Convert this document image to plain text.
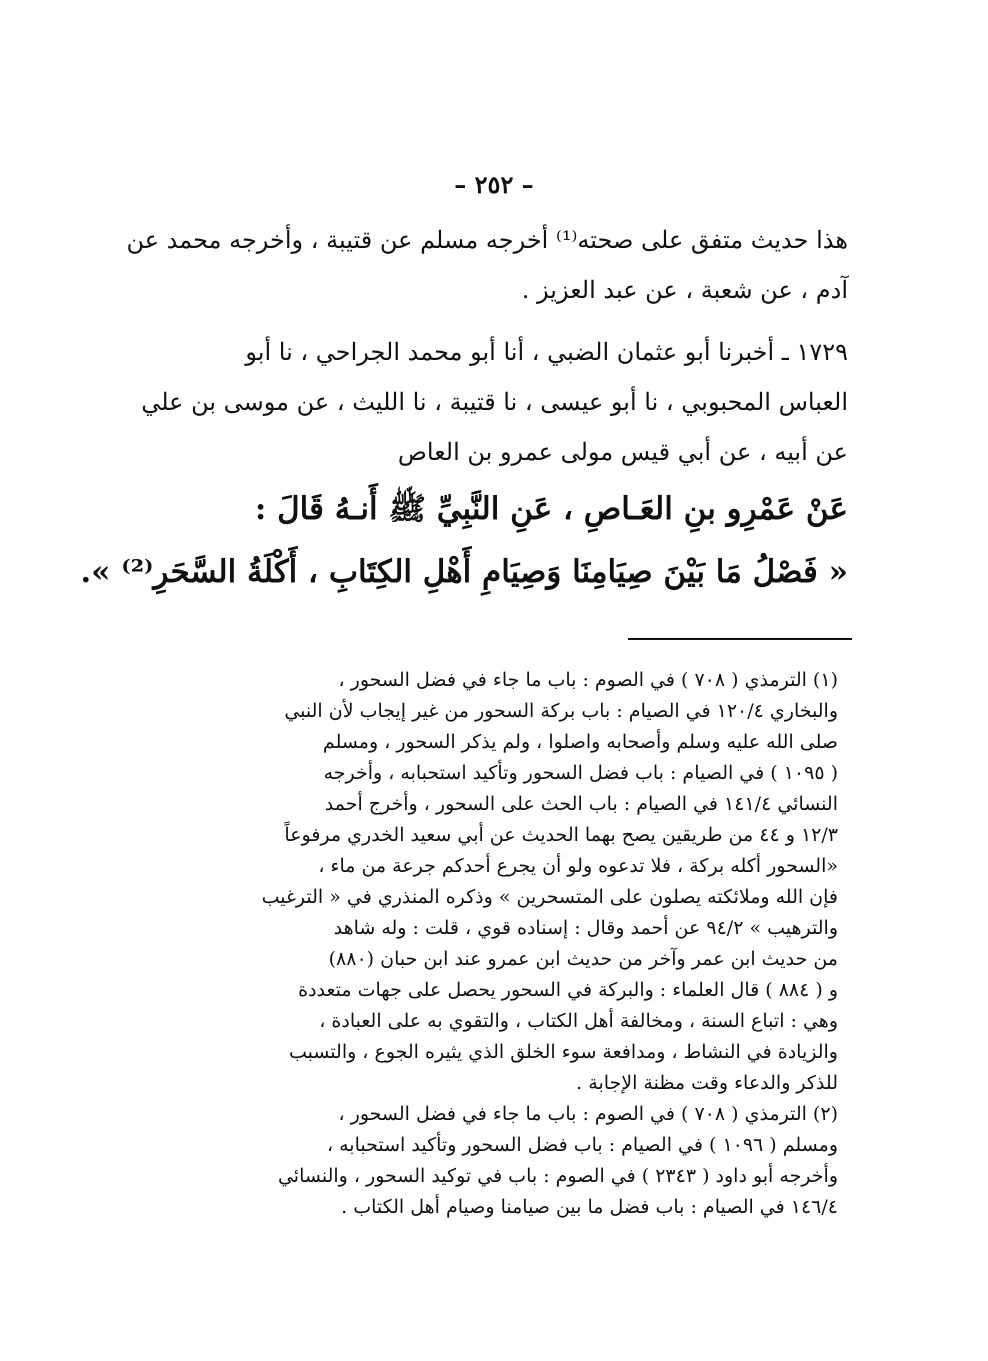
– ٢٥٢ –
هذا حديث متفق على صحته⁽¹⁾ أخرجه مسلم عن قتيبة ، وأخرجه محمد عن
آدم ، عن شعبة ، عن عبد العزيز .
١٧٢٩ ـ أخبرنا أبو عثمان الضبي ، أنا أبو محمد الجراحي ، نا أبو
العباس المحبوبي ، نا أبو عيسى ، نا قتيبة ، نا الليث ، عن موسى بن علي
عن أبيه ، عن أبي قيس مولى عمرو بن العاص
عَنْ عَمْرِو بنِ العَـاصِ ، عَنِ النَّبِيِّ ﷺ أَنـهُ قَالَ :
« فَصْلُ مَا بَيْنَ صِيَامِنَا وَصِيَامِ أَهْلِ الكِتَابِ ، أَكْلَةُ السَّحَرِ⁽²⁾ ».
(١) الترمذي ( ٧٠٨ ) في الصوم : باب ما جاء في فضل السحور ،
والبخاري ١٢٠/٤ في الصيام : باب بركة السحور من غير إيجاب لأن النبي
صلى الله عليه وسلم وأصحابه واصلوا ، ولم يذكر السحور ، ومسلم
( ١٠٩٥ ) في الصيام : باب فضل السحور وتأكيد استحبابه ، وأخرجه
النسائي ١٤١/٤ في الصيام : باب الحث على السحور ، وأخرج أحمد
١٢/٣ و ٤٤ من طريقين يصح بهما الحديث عن أبي سعيد الخدري مرفوعاً
«السحور أكله بركة ، فلا تدعوه ولو أن يجرع أحدكم جرعة من ماء ،
فإن الله وملائكته يصلون على المتسحرين » وذكره المنذري في « الترغيب
والترهيب » ٩٤/٢ عن أحمد وقال : إسناده قوي ، قلت : وله شاهد
من حديث ابن عمر وآخر من حديث ابن عمرو عند ابن حبان (٨٨٠)
و ( ٨٨٤ ) قال العلماء : والبركة في السحور يحصل على جهات متعددة
وهي : اتباع السنة ، ومخالفة أهل الكتاب ، والتقوي به على العبادة ،
والزيادة في النشاط ، ومدافعة سوء الخلق الذي يثيره الجوع ، والتسبب
للذكر والدعاء وقت مظنة الإجابة .
(٢) الترمذي ( ٧٠٨ ) في الصوم : باب ما جاء في فضل السحور ،
ومسلم ( ١٠٩٦ ) في الصيام : باب فضل السحور وتأكيد استحبابه ،
وأخرجه أبو داود ( ٢٣٤٣ ) في الصوم : باب في توكيد السحور ، والنسائي
١٤٦/٤ في الصيام : باب فضل ما بين صيامنا وصيام أهل الكتاب .
